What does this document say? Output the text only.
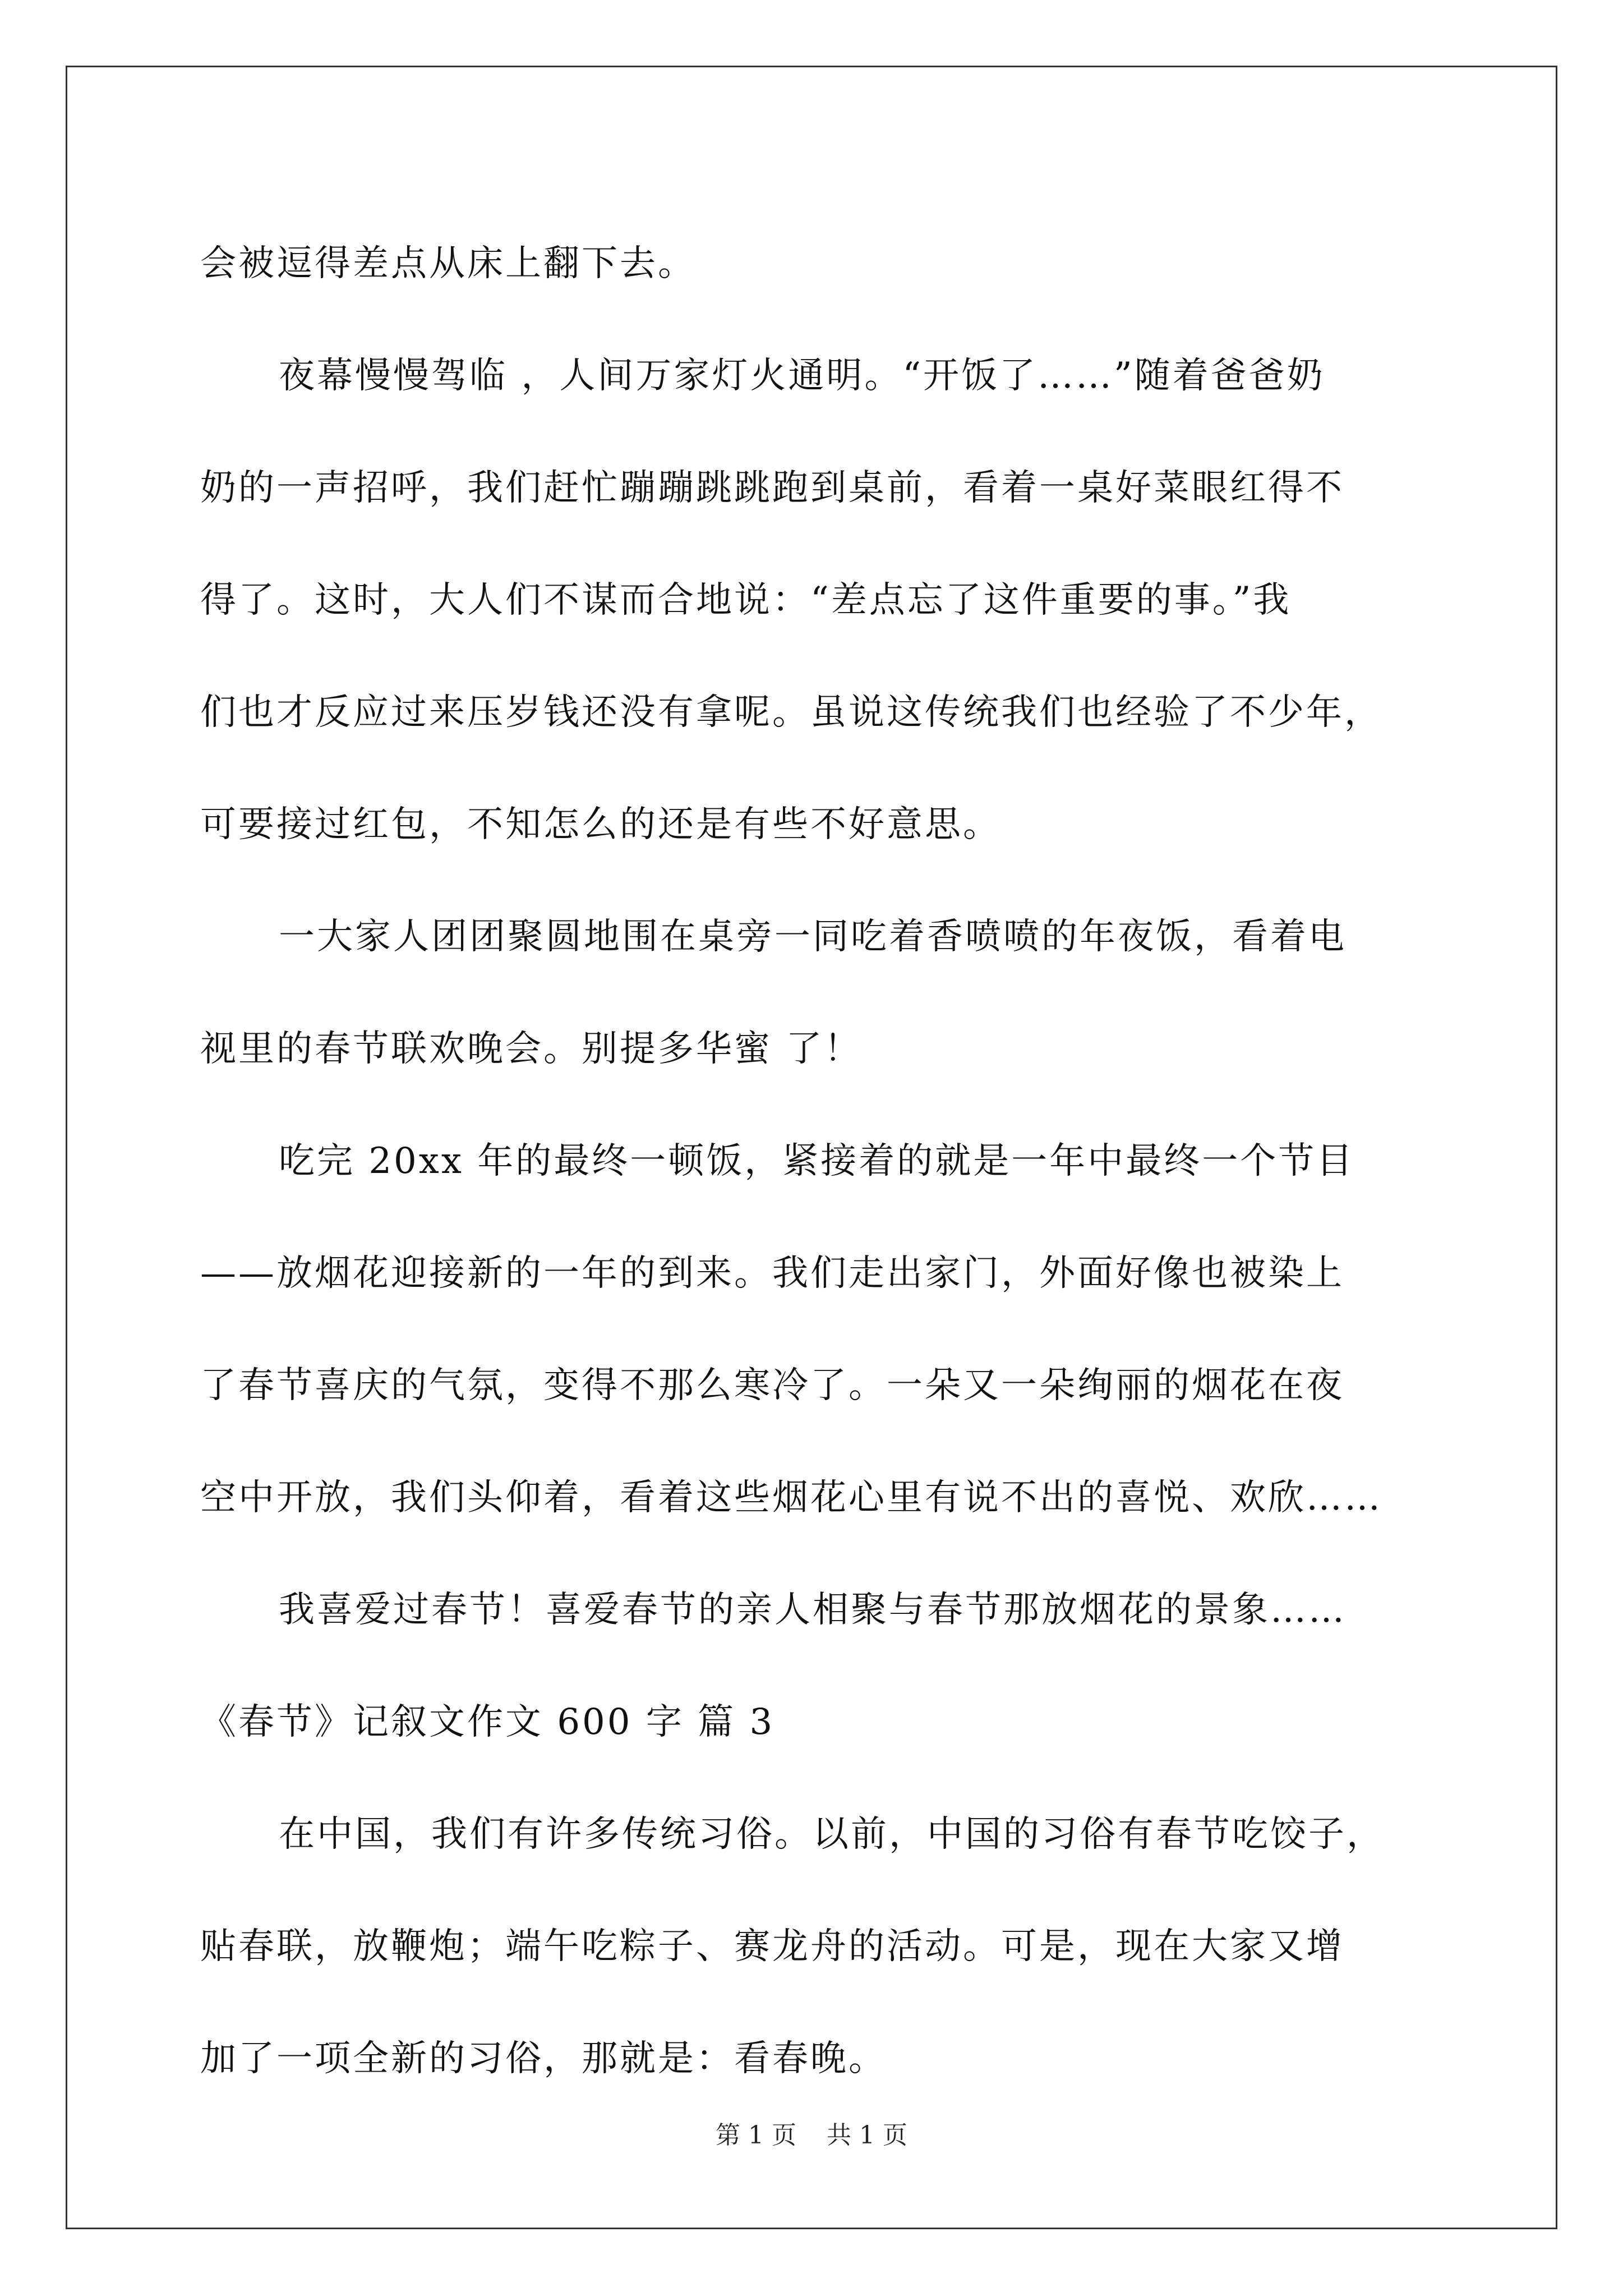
会被逗得差点从床上翻下去。
夜幕慢慢驾临 ，人间万家灯火通明。“开饭了……”随着爸爸奶
奶的一声招呼，我们赶忙蹦蹦跳跳跑到桌前，看着一桌好菜眼红得不
得了。这时，大人们不谋而合地说：“差点忘了这件重要的事。”我
们也才反应过来压岁钱还没有拿呢。虽说这传统我们也经验了不少年，
可要接过红包，不知怎么的还是有些不好意思。
一大家人团团聚圆地围在桌旁一同吃着香喷喷的年夜饭，看着电
视里的春节联欢晚会。别提多华蜜 了！
吃完 20xx 年的最终一顿饭，紧接着的就是一年中最终一个节目
——放烟花迎接新的一年的到来。我们走出家门，外面好像也被染上
了春节喜庆的气氛，变得不那么寒冷了。一朵又一朵绚丽的烟花在夜
空中开放，我们头仰着，看着这些烟花心里有说不出的喜悦、欢欣……
我喜爱过春节！喜爱春节的亲人相聚与春节那放烟花的景象……
《春节》记叙文作文 600 字 篇 3
在中国，我们有许多传统习俗。以前，中国的习俗有春节吃饺子，
贴春联，放鞭炮；端午吃粽子、赛龙舟的活动。可是，现在大家又增
加了一项全新的习俗，那就是：看春晚。
第 1 页 共 1 页
